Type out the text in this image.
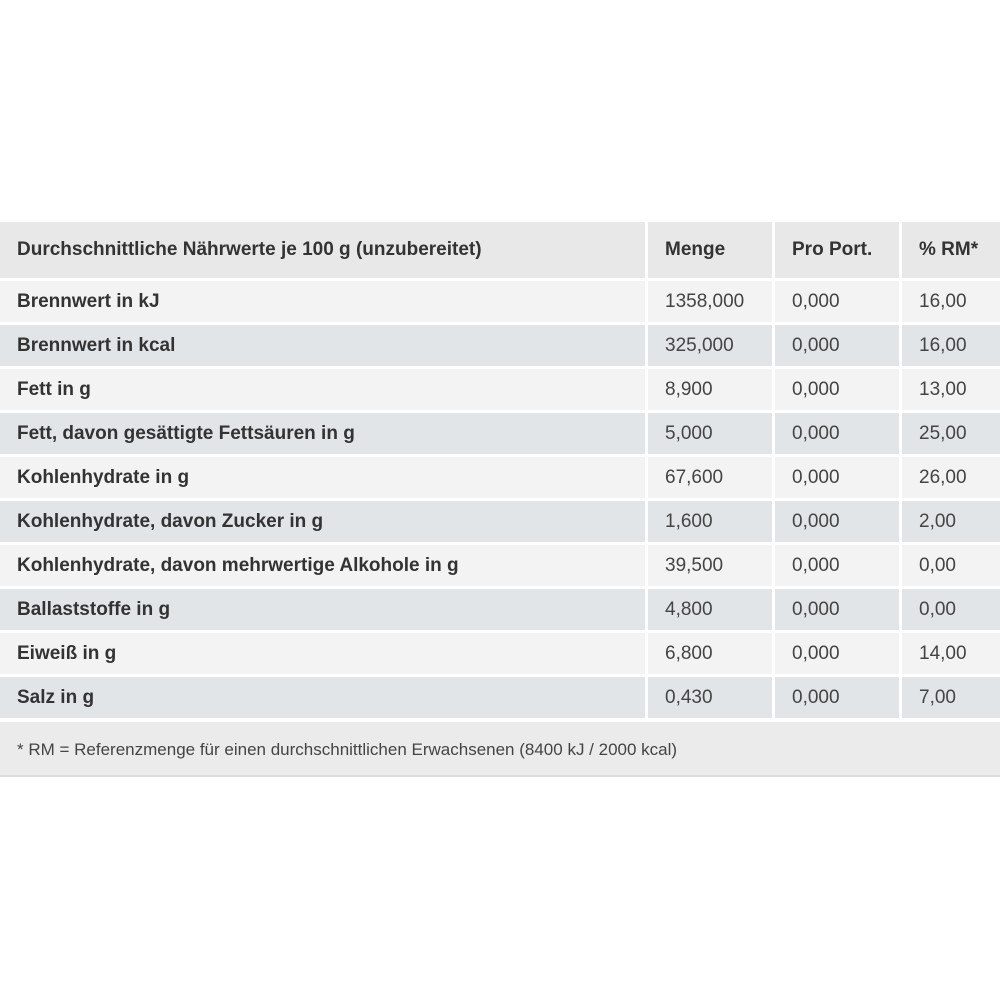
Durchschnittliche Nährwerte je 100 g (unzubereitet)	Menge	Pro Port.	% RM*
Brennwert in kJ	1358,000	0,000	16,00
Brennwert in kcal	325,000	0,000	16,00
Fett in g	8,900	0,000	13,00
Fett, davon gesättigte Fettsäuren in g	5,000	0,000	25,00
Kohlenhydrate in g	67,600	0,000	26,00
Kohlenhydrate, davon Zucker in g	1,600	0,000	2,00
Kohlenhydrate, davon mehrwertige Alkohole in g	39,500	0,000	0,00
Ballaststoffe in g	4,800	0,000	0,00
Eiweiß in g	6,800	0,000	14,00
Salz in g	0,430	0,000	7,00
* RM = Referenzmenge für einen durchschnittlichen Erwachsenen (8400 kJ / 2000 kcal)
